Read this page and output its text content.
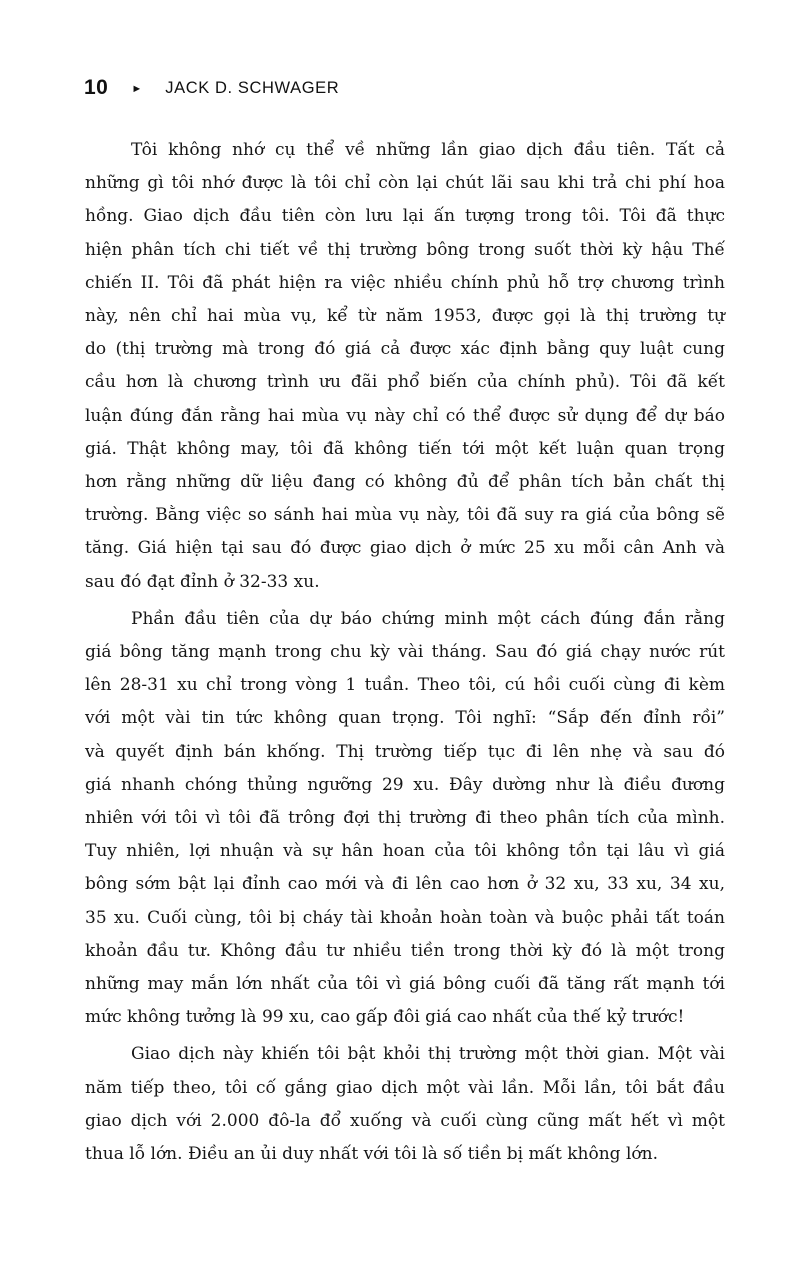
10 ► JACK D. SCHWAGER
Tôi không nhớ cụ thể về những lần giao dịch đầu tiên. Tất cả
những gì tôi nhớ được là tôi chỉ còn lại chút lãi sau khi trả chi phí hoa
hồng. Giao dịch đầu tiên còn lưu lại ấn tượng trong tôi. Tôi đã thực
hiện phân tích chi tiết về thị trường bông trong suốt thời kỳ hậu Thế
chiến II. Tôi đã phát hiện ra việc nhiều chính phủ hỗ trợ chương trình
này, nên chỉ hai mùa vụ, kể từ năm 1953, được gọi là thị trường tự
do (thị trường mà trong đó giá cả được xác định bằng quy luật cung
cầu hơn là chương trình ưu đãi phổ biến của chính phủ). Tôi đã kết
luận đúng đắn rằng hai mùa vụ này chỉ có thể được sử dụng để dự báo
giá. Thật không may, tôi đã không tiến tới một kết luận quan trọng
hơn rằng những dữ liệu đang có không đủ để phân tích bản chất thị
trường. Bằng việc so sánh hai mùa vụ này, tôi đã suy ra giá của bông sẽ
tăng. Giá hiện tại sau đó được giao dịch ở mức 25 xu mỗi cân Anh và
sau đó đạt đỉnh ở 32-33 xu.
Phần đầu tiên của dự báo chứng minh một cách đúng đắn rằng
giá bông tăng mạnh trong chu kỳ vài tháng. Sau đó giá chạy nước rút
lên 28-31 xu chỉ trong vòng 1 tuần. Theo tôi, cú hồi cuối cùng đi kèm
với một vài tin tức không quan trọng. Tôi nghĩ: “Sắp đến đỉnh rồi”
và quyết định bán khống. Thị trường tiếp tục đi lên nhẹ và sau đó
giá nhanh chóng thủng ngưỡng 29 xu. Đây dường như là điều đương
nhiên với tôi vì tôi đã trông đợi thị trường đi theo phân tích của mình.
Tuy nhiên, lợi nhuận và sự hân hoan của tôi không tồn tại lâu vì giá
bông sớm bật lại đỉnh cao mới và đi lên cao hơn ở 32 xu, 33 xu, 34 xu,
35 xu. Cuối cùng, tôi bị cháy tài khoản hoàn toàn và buộc phải tất toán
khoản đầu tư. Không đầu tư nhiều tiền trong thời kỳ đó là một trong
những may mắn lớn nhất của tôi vì giá bông cuối đã tăng rất mạnh tới
mức không tưởng là 99 xu, cao gấp đôi giá cao nhất của thế kỷ trước!
Giao dịch này khiến tôi bật khỏi thị trường một thời gian. Một vài
năm tiếp theo, tôi cố gắng giao dịch một vài lần. Mỗi lần, tôi bắt đầu
giao dịch với 2.000 đô-la đổ xuống và cuối cùng cũng mất hết vì một
thua lỗ lớn. Điều an ủi duy nhất với tôi là số tiền bị mất không lớn.
